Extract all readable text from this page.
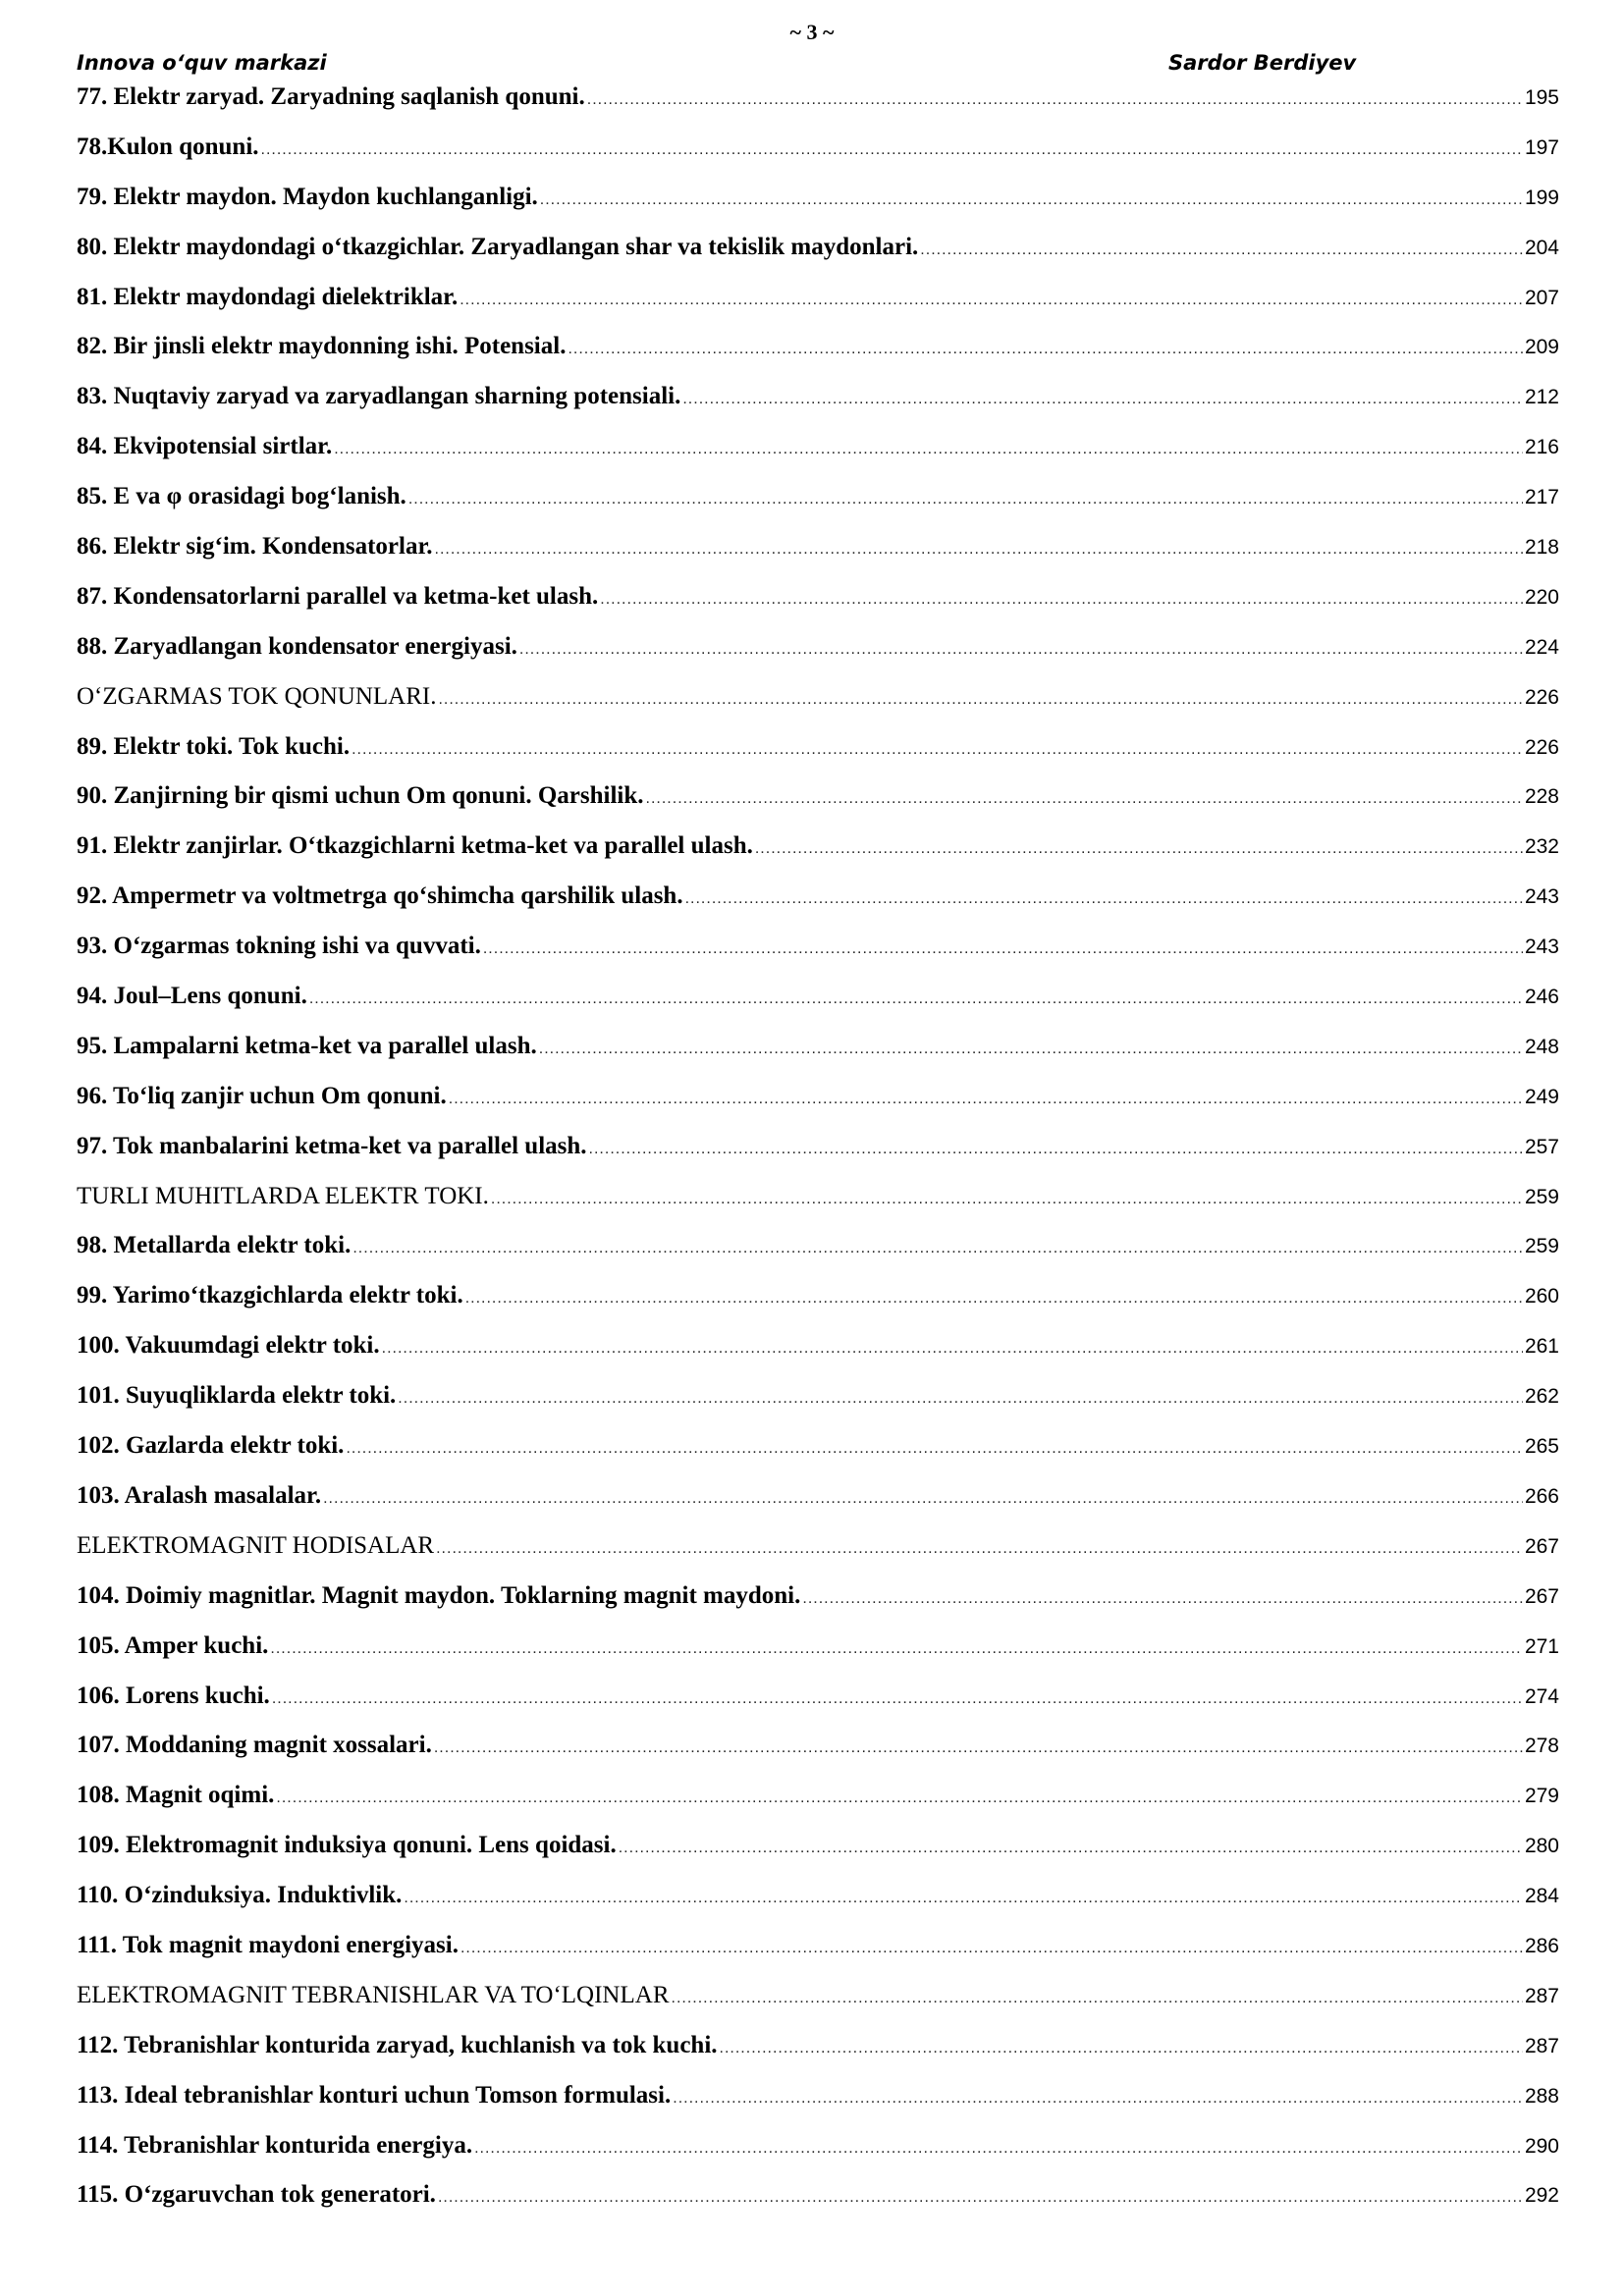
~ 3 ~
Innova o‘quv markazi	Sardor Berdiyev
77. Elektr zaryad. Zaryadning saqlanish qonuni. .....	195
78.Kulon qonuni. .....	197
79. Elektr maydon. Maydon kuchlanganligi. .....	199
80. Elektr maydondagi o‘tkazgichlar. Zaryadlangan shar va tekislik maydonlari. .....	204
81. Elektr maydondagi dielektriklar. .....	207
82. Bir jinsli elektr maydonning ishi. Potensial. .....	209
83. Nuqtaviy zaryad va zaryadlangan sharning potensiali. .....	212
84. Ekvipotensial sirtlar. .....	216
85. E va φ orasidagi bog‘lanish. .....	217
86. Elektr sig‘im. Kondensatorlar. .....	218
87. Kondensatorlarni parallel va ketma-ket ulash. .....	220
88. Zaryadlangan kondensator energiyasi. .....	224
O‘ZGARMAS TOK QONUNLARI. .....	226
89. Elektr toki. Tok kuchi. .....	226
90. Zanjirning bir qismi uchun Om qonuni. Qarshilik. .....	228
91. Elektr zanjirlar. O‘tkazgichlarni ketma-ket va parallel ulash. .....	232
92. Ampermetr va voltmetrga qo‘shimcha qarshilik ulash. .....	243
93. O‘zgarmas tokning ishi va quvvati. .....	243
94. Joul–Lens qonuni. .....	246
95. Lampalarni ketma-ket va parallel ulash. .....	248
96. To‘liq zanjir uchun Om qonuni. .....	249
97. Tok manbalarini ketma-ket va parallel ulash. .....	257
TURLI MUHITLARDA ELEKTR TOKI. .....	259
98. Metallarda elektr toki. .....	259
99. Yarimo‘tkazgichlarda elektr toki. .....	260
100. Vakuumdagi elektr toki. .....	261
101. Suyuqliklarda elektr toki. .....	262
102. Gazlarda elektr toki. .....	265
103. Aralash masalalar. .....	266
ELEKTROMAGNIT HODISALAR .....	267
104. Doimiy magnitlar. Magnit maydon. Toklarning magnit maydoni. .....	267
105. Amper kuchi. .....	271
106. Lorens kuchi. .....	274
107. Moddaning magnit xossalari. .....	278
108. Magnit oqimi. .....	279
109. Elektromagnit induksiya qonuni. Lens qoidasi. .....	280
110. O‘zinduksiya. Induktivlik. .....	284
111. Tok magnit maydoni energiyasi. .....	286
ELEKTROMAGNIT TEBRANISHLAR VA TO‘LQINLAR .....	287
112. Tebranishlar konturida zaryad, kuchlanish va tok kuchi. .....	287
113. Ideal tebranishlar konturi uchun Tomson formulasi. .....	288
114. Tebranishlar konturida energiya. .....	290
115. O‘zgaruvchan tok generatori. .....	292
